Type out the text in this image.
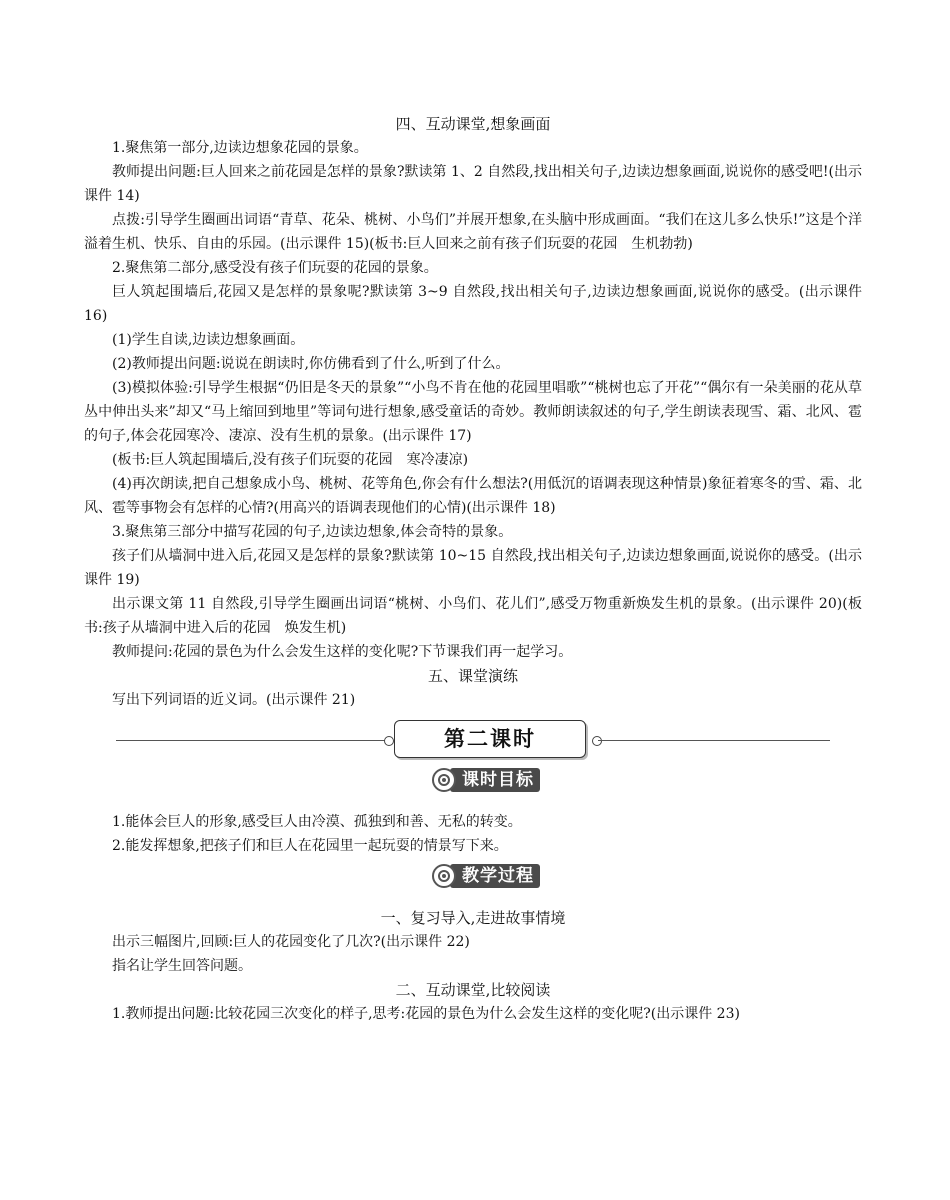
四、互动课堂,想象画面

1.聚焦第一部分,边读边想象花园的景象。

教师提出问题:巨人回来之前花园是怎样的景象?默读第 1、2 自然段,找出相关句子,边读边想象画面,说说你的感受吧!(出示课件 14)

点拨:引导学生圈画出词语“青草、花朵、桃树、小鸟们”并展开想象,在头脑中形成画面。“我们在这儿多么快乐!”这是个洋溢着生机、快乐、自由的乐园。(出示课件 15)(板书:巨人回来之前有孩子们玩耍的花园　生机勃勃)

2.聚焦第二部分,感受没有孩子们玩耍的花园的景象。

巨人筑起围墙后,花园又是怎样的景象呢?默读第 3~9 自然段,找出相关句子,边读边想象画面,说说你的感受。(出示课件 16)

(1)学生自读,边读边想象画面。

(2)教师提出问题:说说在朗读时,你仿佛看到了什么,听到了什么。

(3)模拟体验:引导学生根据“仍旧是冬天的景象”“小鸟不肯在他的花园里唱歌”“桃树也忘了开花”“偶尔有一朵美丽的花从草丛中伸出头来”却又“马上缩回到地里”等词句进行想象,感受童话的奇妙。教师朗读叙述的句子,学生朗读表现雪、霜、北风、雹的句子,体会花园寒冷、凄凉、没有生机的景象。(出示课件 17)

(板书:巨人筑起围墙后,没有孩子们玩耍的花园　寒冷凄凉)

(4)再次朗读,把自己想象成小鸟、桃树、花等角色,你会有什么想法?(用低沉的语调表现这种情景)象征着寒冬的雪、霜、北风、雹等事物会有怎样的心情?(用高兴的语调表现他们的心情)(出示课件 18)

3.聚焦第三部分中描写花园的句子,边读边想象,体会奇特的景象。

孩子们从墙洞中进入后,花园又是怎样的景象?默读第 10~15 自然段,找出相关句子,边读边想象画面,说说你的感受。(出示课件 19)

出示课文第 11 自然段,引导学生圈画出词语“桃树、小鸟们、花儿们”,感受万物重新焕发生机的景象。(出示课件 20)(板书:孩子从墙洞中进入后的花园　焕发生机)

教师提问:花园的景色为什么会发生这样的变化呢?下节课我们再一起学习。

五、课堂演练

写出下列词语的近义词。(出示课件 21)

第二课时
课时目标

1.能体会巨人的形象,感受巨人由冷漠、孤独到和善、无私的转变。

2.能发挥想象,把孩子们和巨人在花园里一起玩耍的情景写下来。

教学过程
一、复习导入,走进故事情境

出示三幅图片,回顾:巨人的花园变化了几次?(出示课件 22)

指名让学生回答问题。

二、互动课堂,比较阅读

1.教师提出问题:比较花园三次变化的样子,思考:花园的景色为什么会发生这样的变化呢?(出示课件 23)
